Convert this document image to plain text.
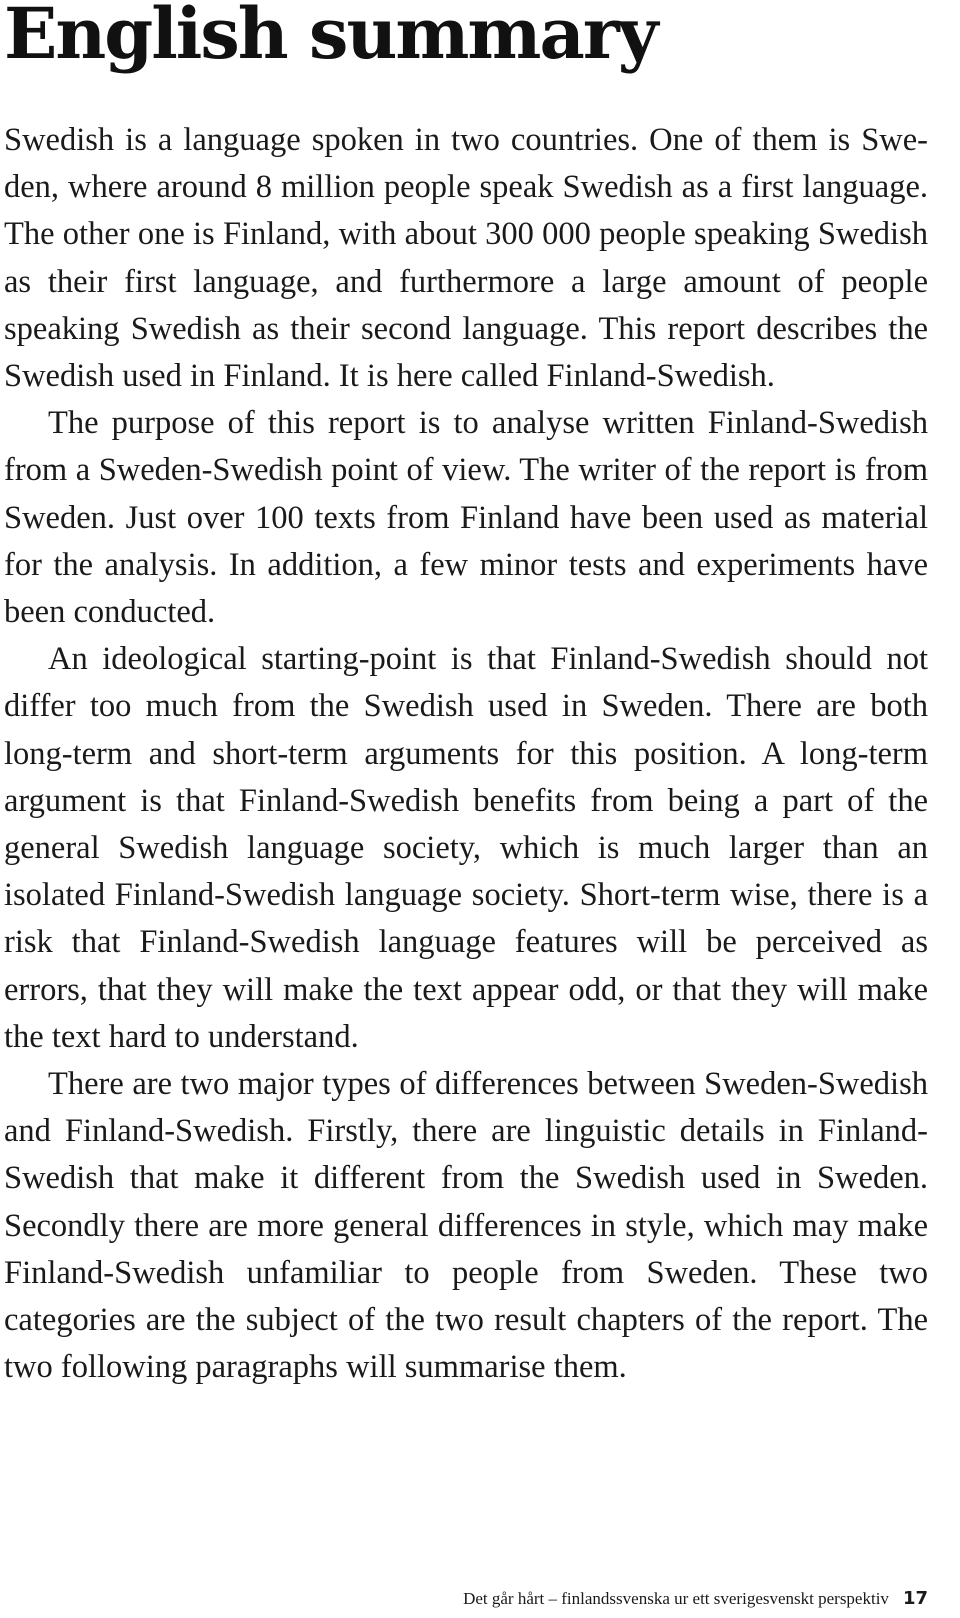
English summary

Swedish is a language spoken in two countries. One of them is Sweden, where around 8 million people speak Swedish as a first language. The other one is Finland, with about 300 000 people speaking Swedish as their first language, and furthermore a large amount of people speaking Swedish as their second language. This report describes the Swedish used in Finland. It is here called Finland-Swedish.

The purpose of this report is to analyse written Finland-Swedish from a Sweden-Swedish point of view. The writer of the report is from Sweden. Just over 100 texts from Finland have been used as material for the analysis. In addition, a few minor tests and experiments have been conducted.

An ideological starting-point is that Finland-Swedish should not differ too much from the Swedish used in Sweden. There are both long-term and short-term arguments for this position. A long-term argument is that Finland-Swedish benefits from being a part of the general Swedish language society, which is much larger than an isolated Finland-Swedish language society. Short-term wise, there is a risk that Finland-Swedish language features will be perceived as errors, that they will make the text appear odd, or that they will make the text hard to understand.

There are two major types of differences between Sweden-Swedish and Finland-Swedish. Firstly, there are linguistic details in Finland-Swedish that make it different from the Swedish used in Sweden. Secondly there are more general differences in style, which may make Finland-Swedish unfamiliar to people from Sweden. These two categories are the subject of the two result chapters of the report. The two following paragraphs will summarise them.

Det går hårt – finlandssvenska ur ett sverigesvenskt perspektiv 17
